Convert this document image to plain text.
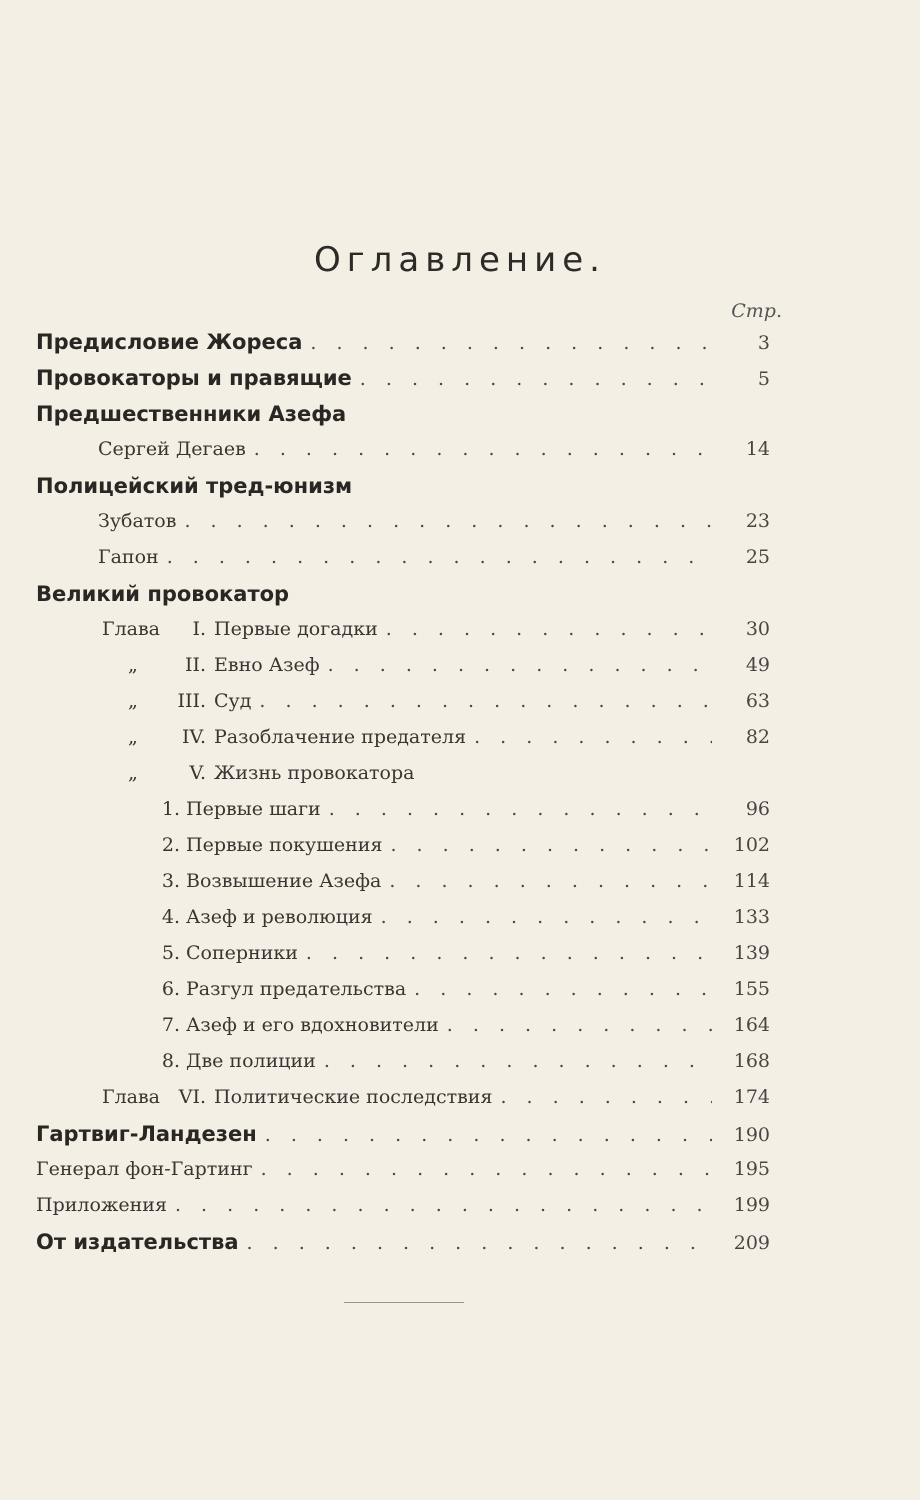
Оглавление.
Стр.
Предисловие Жореса . . .	3
Провокаторы и правящие . . .	5
Предшественники Азефа
Сергей Дегаев . . .	14
Полицейский тред-юнизм
Зубатов . . .	23
Гапон . . .	25
Великий провокатор
Глава I. Первые догадки . . .	30
„ II. Евно Азеф . . .	49
„ III. Суд . . .	63
„ IV. Разоблачение предателя . . .	82
„	V. Жизнь провокатора
1. Первые шаги . . .	96
2. Первые покушения . . .	102
3. Возвышение Азефа . . .	114
4. Азеф и революция . . .	133
5. Соперники . . .	139
6. Разгул предательства . . .	155
7. Азеф и его вдохновители . . .	164
8. Две полиции . . .	168
Глава VI. Политические последствия . . .	174
Гартвиг-Ландезен . . .	190
Генерал фон-Гартинг . . .	195
Приложения . . .	199
От издательства . . .	209
